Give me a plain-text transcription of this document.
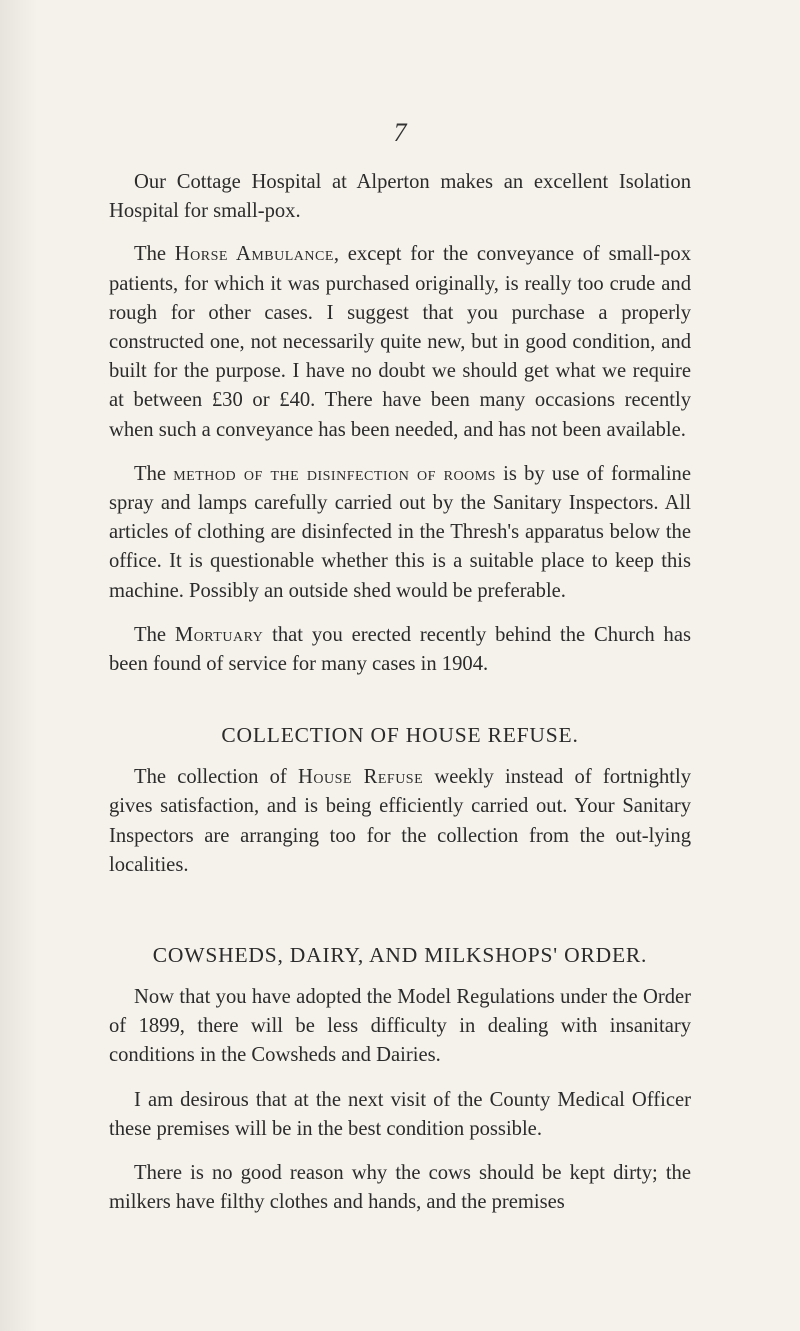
7

Our Cottage Hospital at Alperton makes an excellent Isolation Hospital for small-pox.

The Horse Ambulance, except for the conveyance of small-pox patients, for which it was purchased originally, is really too crude and rough for other cases. I suggest that you purchase a properly constructed one, not necessarily quite new, but in good condition, and built for the purpose. I have no doubt we should get what we require at between £30 or £40. There have been many occasions recently when such a conveyance has been needed, and has not been available.

The method of the disinfection of rooms is by use of formaline spray and lamps carefully carried out by the Sanitary Inspectors. All articles of clothing are disinfected in the Thresh's apparatus below the office. It is questionable whether this is a suitable place to keep this machine. Possibly an outside shed would be preferable.

The Mortuary that you erected recently behind the Church has been found of service for many cases in 1904.

COLLECTION OF HOUSE REFUSE.

The collection of House Refuse weekly instead of fortnightly gives satisfaction, and is being efficiently carried out. Your Sanitary Inspectors are arranging too for the collection from the out-lying localities.

COWSHEDS, DAIRY, AND MILKSHOPS' ORDER.

Now that you have adopted the Model Regulations under the Order of 1899, there will be less difficulty in dealing with insanitary conditions in the Cowsheds and Dairies.

I am desirous that at the next visit of the County Medical Officer these premises will be in the best condition possible.

There is no good reason why the cows should be kept dirty; the milkers have filthy clothes and hands, and the premises
